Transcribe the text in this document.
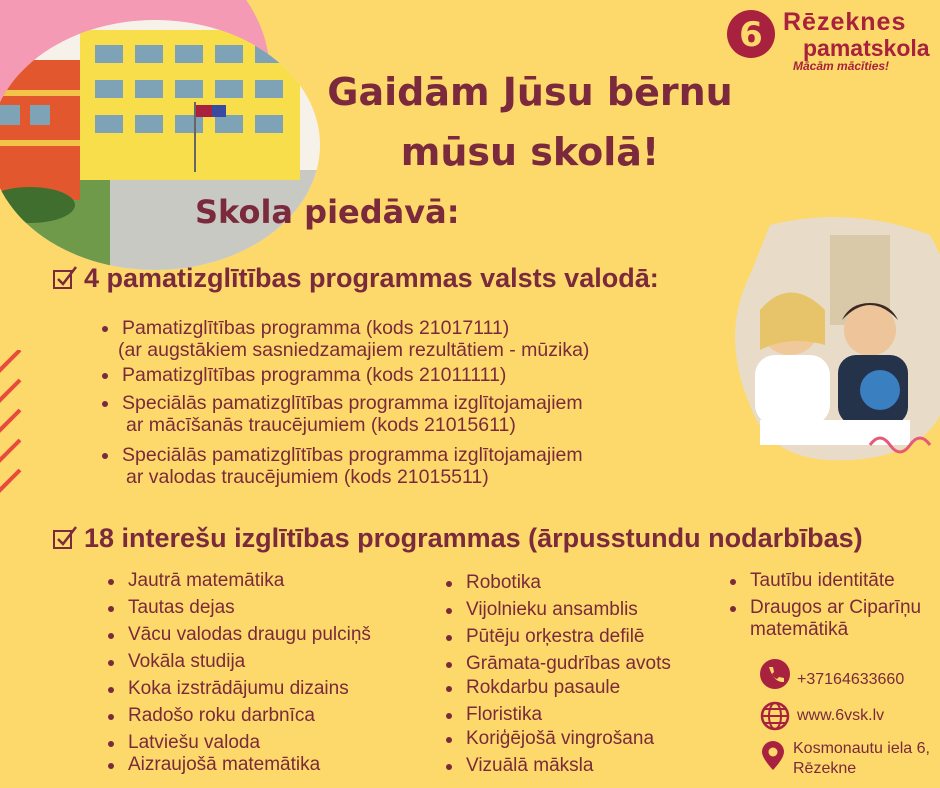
6 Rēzeknes
pamatskola
Mācām mācīties!
Gaidām Jūsu bērnu
mūsu skolā!
Skola piedāvā:
4 pamatizglītības programmas valsts valodā:
Pamatizglītības programma (kods 21017111)
(ar augstākiem sasniedzamajiem rezultātiem - mūzika)
Pamatizglītības programma (kods 21011111)
Speciālās pamatizglītības programma izglītojamajiem
ar mācīšanās traucējumiem (kods 21015611)
Speciālās pamatizglītības programma izglītojamajiem
ar valodas traucējumiem (kods 21015511)
18 interešu izglītības programmas (ārpusstundu nodarbības)
Jautrā matemātika
Tautas dejas
Vācu valodas draugu pulciņš
Vokāla studija
Koka izstrādājumu dizains
Radošo roku darbnīca
Latviešu valoda
Aizraujošā matemātika
Robotika
Vijolnieku ansamblis
Pūtēju orķestra defilē
Grāmata-gudrības avots
Rokdarbu pasaule
Floristika
Koriģējošā vingrošana
Vizuālā māksla
Tautību identitāte
Draugos ar Ciparīņu matemātikā
+37164633660
www.6vsk.lv
Kosmonautu iela 6,
Rēzekne
